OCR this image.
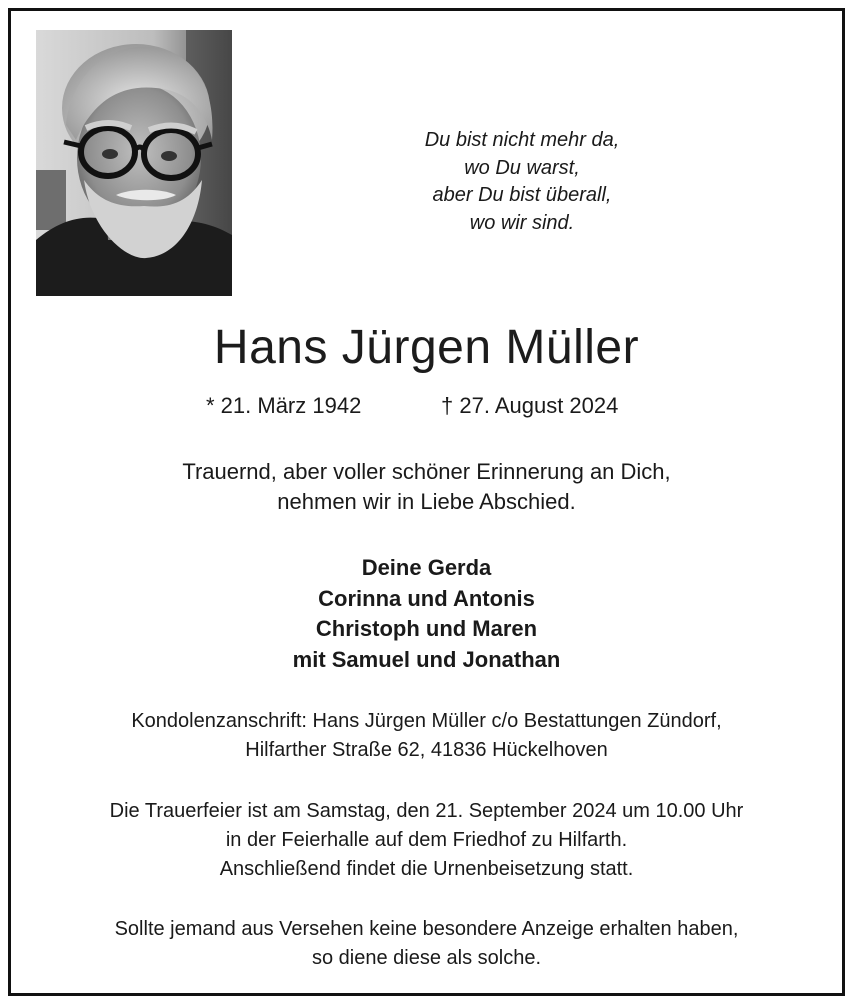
Du bist nicht mehr da,
wo Du warst,
aber Du bist überall,
wo wir sind.
Hans Jürgen Müller
* 21. März 1942	† 27. August 2024
Trauernd, aber voller schöner Erinnerung an Dich,
nehmen wir in Liebe Abschied.
Deine Gerda
Corinna und Antonis
Christoph und Maren
mit Samuel und Jonathan
Kondolenzanschrift: Hans Jürgen Müller c/o Bestattungen Zündorf,
Hilfarther Straße 62, 41836 Hückelhoven
Die Trauerfeier ist am Samstag, den 21. September 2024 um 10.00 Uhr
in der Feierhalle auf dem Friedhof zu Hilfarth.
Anschließend findet die Urnenbeisetzung statt.
Sollte jemand aus Versehen keine besondere Anzeige erhalten haben,
so diene diese als solche.
